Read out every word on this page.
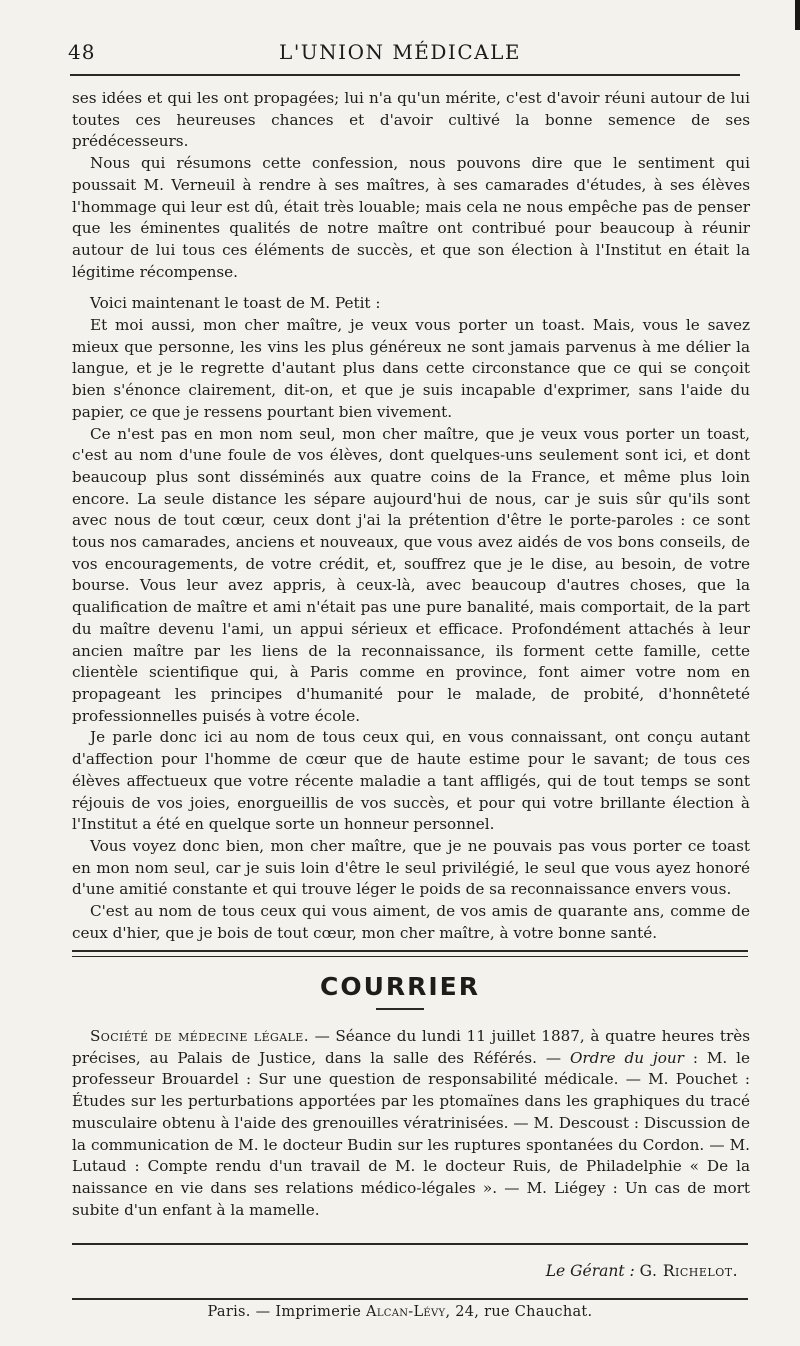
48	L'UNION MÉDICALE

ses idées et qui les ont propagées; lui n'a qu'un mérite, c'est d'avoir réuni autour de lui toutes ces heureuses chances et d'avoir cultivé la bonne semence de ses prédécesseurs.

Nous qui résumons cette confession, nous pouvons dire que le sentiment qui poussait M. Verneuil à rendre à ses maîtres, à ses camarades d'études, à ses élèves l'hommage qui leur est dû, était très louable; mais cela ne nous empêche pas de penser que les éminentes qualités de notre maître ont contribué pour beaucoup à réunir autour de lui tous ces éléments de succès, et que son élection à l'Institut en était la légitime récompense.

Voici maintenant le toast de M. Petit :

Et moi aussi, mon cher maître, je veux vous porter un toast. Mais, vous le savez mieux que personne, les vins les plus généreux ne sont jamais parvenus à me délier la langue, et je le regrette d'autant plus dans cette circonstance que ce qui se conçoit bien s'énonce clairement, dit-on, et que je suis incapable d'exprimer, sans l'aide du papier, ce que je ressens pourtant bien vivement.

Ce n'est pas en mon nom seul, mon cher maître, que je veux vous porter un toast, c'est au nom d'une foule de vos élèves, dont quelques-uns seulement sont ici, et dont beaucoup plus sont disséminés aux quatre coins de la France, et même plus loin encore. La seule distance les sépare aujourd'hui de nous, car je suis sûr qu'ils sont avec nous de tout cœur, ceux dont j'ai la prétention d'être le porte-paroles : ce sont tous nos camarades, anciens et nouveaux, que vous avez aidés de vos bons conseils, de vos encouragements, de votre crédit, et, souffrez que je le dise, au besoin, de votre bourse. Vous leur avez appris, à ceux-là, avec beaucoup d'autres choses, que la qualification de maître et ami n'était pas une pure banalité, mais comportait, de la part du maître devenu l'ami, un appui sérieux et efficace. Profondément attachés à leur ancien maître par les liens de la reconnaissance, ils forment cette famille, cette clientèle scientifique qui, à Paris comme en province, font aimer votre nom en propageant les principes d'humanité pour le malade, de probité, d'honnêteté professionnelles puisés à votre école.

Je parle donc ici au nom de tous ceux qui, en vous connaissant, ont conçu autant d'affection pour l'homme de cœur que de haute estime pour le savant; de tous ces élèves affectueux que votre récente maladie a tant affligés, qui de tout temps se sont réjouis de vos joies, enorgueillis de vos succès, et pour qui votre brillante élection à l'Institut a été en quelque sorte un honneur personnel.

Vous voyez donc bien, mon cher maître, que je ne pouvais pas vous porter ce toast en mon nom seul, car je suis loin d'être le seul privilégié, le seul que vous ayez honoré d'une amitié constante et qui trouve léger le poids de sa reconnaissance envers vous.

C'est au nom de tous ceux qui vous aiment, de vos amis de quarante ans, comme de ceux d'hier, que je bois de tout cœur, mon cher maître, à votre bonne santé.

COURRIER

Société de médecine légale. — Séance du lundi 11 juillet 1887, à quatre heures très précises, au Palais de Justice, dans la salle des Référés. — Ordre du jour : M. le professeur Brouardel : Sur une question de responsabilité médicale. — M. Pouchet : Études sur les perturbations apportées par les ptomaïnes dans les graphiques du tracé musculaire obtenu à l'aide des grenouilles vératrinisées. — M. Descoust : Discussion de la communication de M. le docteur Budin sur les ruptures spontanées du Cordon. — M. Lutaud : Compte rendu d'un travail de M. le docteur Ruis, de Philadelphie « De la naissance en vie dans ses relations médico-légales ». — M. Liégey : Un cas de mort subite d'un enfant à la mamelle.

Le Gérant : G. Richelot.
Paris. — Imprimerie Alcan-Lévy, 24, rue Chauchat.
